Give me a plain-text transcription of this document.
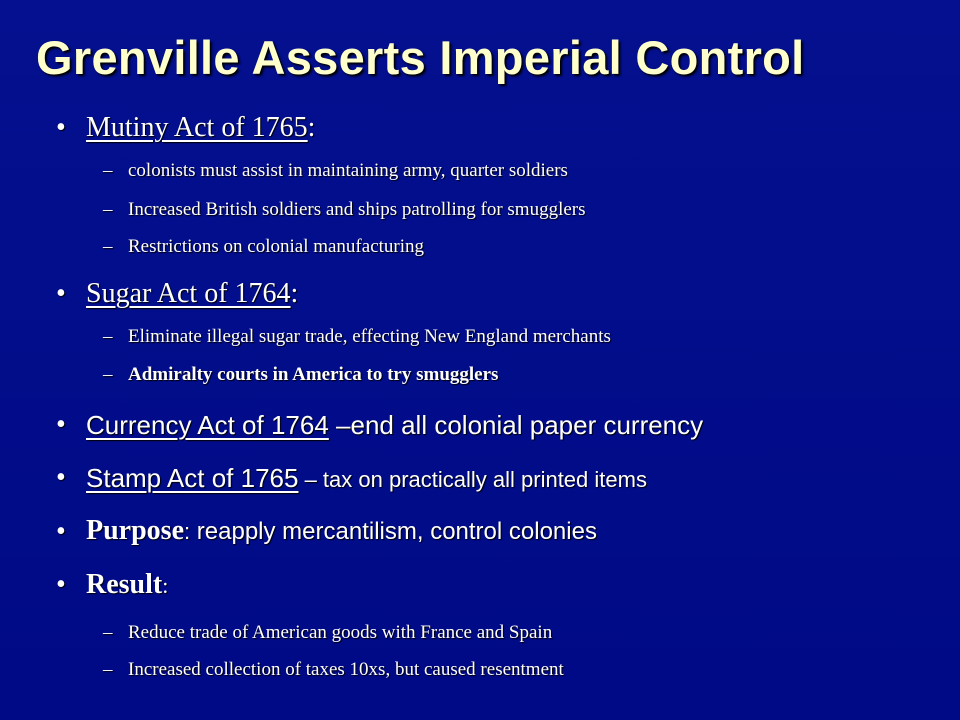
Grenville Asserts Imperial Control
• Mutiny Act of 1765:
– colonists must assist in maintaining army, quarter soldiers
– Increased British soldiers and ships patrolling for smugglers
– Restrictions on colonial manufacturing
• Sugar Act of 1764:
– Eliminate illegal sugar trade, effecting New England merchants
– Admiralty courts in America to try smugglers
• Currency Act of 1764 –end all colonial paper currency
• Stamp Act of 1765 – tax on practically all printed items
• Purpose: reapply mercantilism, control colonies
• Result:
– Reduce trade of American goods with France and Spain
– Increased collection of taxes 10xs, but caused resentment
